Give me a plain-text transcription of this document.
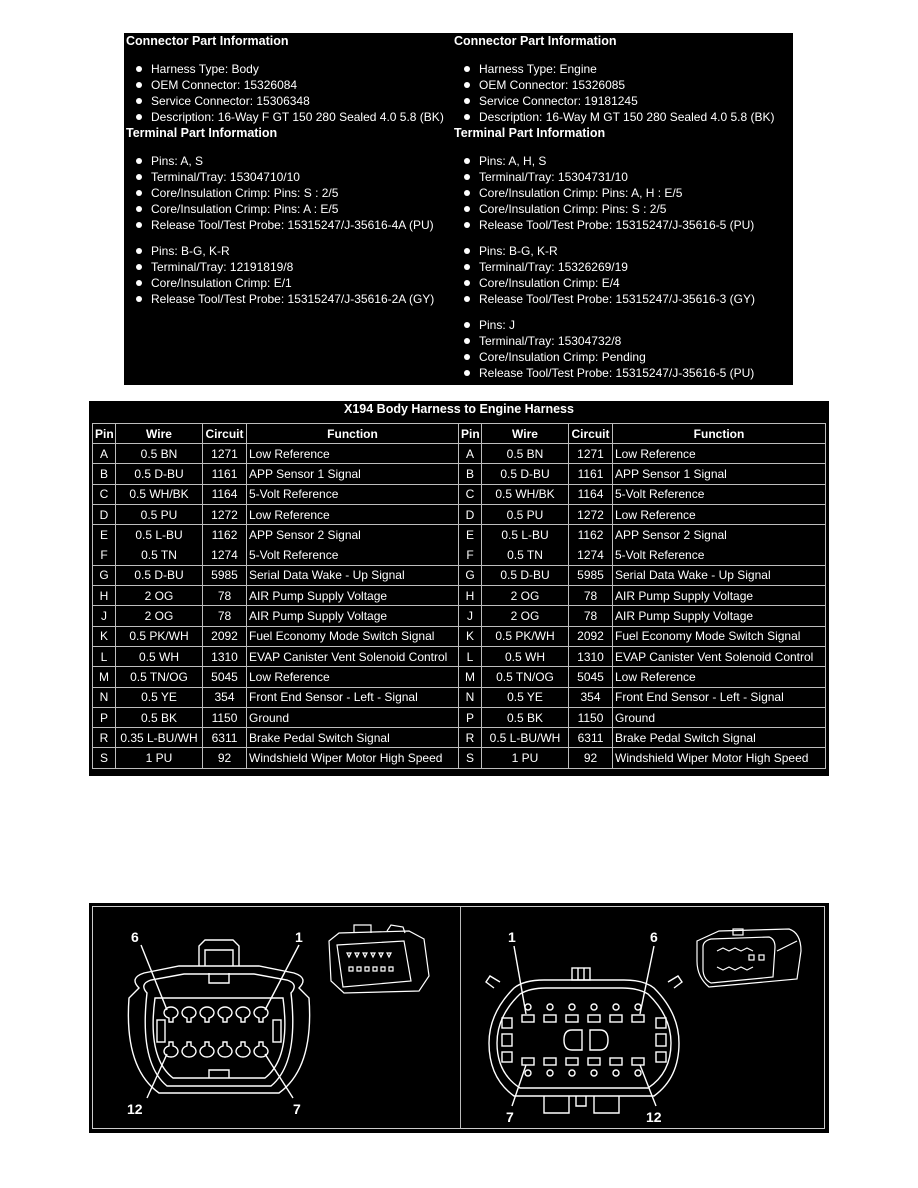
Connector Part Information
Harness Type: Body
OEM Connector: 15326084
Service Connector: 15306348
Description: 16-Way F GT 150 280 Sealed 4.0 5.8 (BK)
Terminal Part Information
Pins: A, S
Terminal/Tray: 15304710/10
Core/Insulation Crimp: Pins: S : 2/5
Core/Insulation Crimp: Pins: A : E/5
Release Tool/Test Probe: 15315247/J-35616-4A (PU)
Pins: B-G, K-R
Terminal/Tray: 12191819/8
Core/Insulation Crimp: E/1
Release Tool/Test Probe: 15315247/J-35616-2A (GY)
Connector Part Information
Harness Type: Engine
OEM Connector: 15326085
Service Connector: 19181245
Description: 16-Way M GT 150 280 Sealed 4.0 5.8 (BK)
Terminal Part Information
Pins: A, H, S
Terminal/Tray: 15304731/10
Core/Insulation Crimp: Pins: A, H : E/5
Core/Insulation Crimp: Pins: S : 2/5
Release Tool/Test Probe: 15315247/J-35616-5 (PU)
Pins: B-G, K-R
Terminal/Tray: 15326269/19
Core/Insulation Crimp: E/4
Release Tool/Test Probe: 15315247/J-35616-3 (GY)
Pins: J
Terminal/Tray: 15304732/8
Core/Insulation Crimp: Pending
Release Tool/Test Probe: 15315247/J-35616-5 (PU)
X194 Body Harness to Engine Harness
Pin	Wire	Circuit	Function	Pin	Wire	Circuit	Function
A	0.5 BN	1271	Low Reference	A	0.5 BN	1271	Low Reference
B	0.5 D-BU	1161	APP Sensor 1 Signal	B	0.5 D-BU	1161	APP Sensor 1 Signal
C	0.5 WH/BK	1164	5-Volt Reference	C	0.5 WH/BK	1164	5-Volt Reference
D	0.5 PU	1272	Low Reference	D	0.5 PU	1272	Low Reference
E	0.5 L-BU	1162	APP Sensor 2 Signal	E	0.5 L-BU	1162	APP Sensor 2 Signal
F	0.5 TN	1274	5-Volt Reference	F	0.5 TN	1274	5-Volt Reference
G	0.5 D-BU	5985	Serial Data Wake - Up Signal	G	0.5 D-BU	5985	Serial Data Wake - Up Signal
H	2 OG	78	AIR Pump Supply Voltage	H	2 OG	78	AIR Pump Supply Voltage
J	2 OG	78	AIR Pump Supply Voltage	J	2 OG	78	AIR Pump Supply Voltage
K	0.5 PK/WH	2092	Fuel Economy Mode Switch Signal	K	0.5 PK/WH	2092	Fuel Economy Mode Switch Signal
L	0.5 WH	1310	EVAP Canister Vent Solenoid Control	L	0.5 WH	1310	EVAP Canister Vent Solenoid Control
M	0.5 TN/OG	5045	Low Reference	M	0.5 TN/OG	5045	Low Reference
N	0.5 YE	354	Front End Sensor - Left - Signal	N	0.5 YE	354	Front End Sensor - Left - Signal
P	0.5 BK	1150	Ground	P	0.5 BK	1150	Ground
R	0.35 L-BU/WH	6311	Brake Pedal Switch Signal	R	0.5 L-BU/WH	6311	Brake Pedal Switch Signal
S	1 PU	92	Windshield Wiper Motor High Speed	S	1 PU	92	Windshield Wiper Motor High Speed
6	1
12	7
1	6
7	12
